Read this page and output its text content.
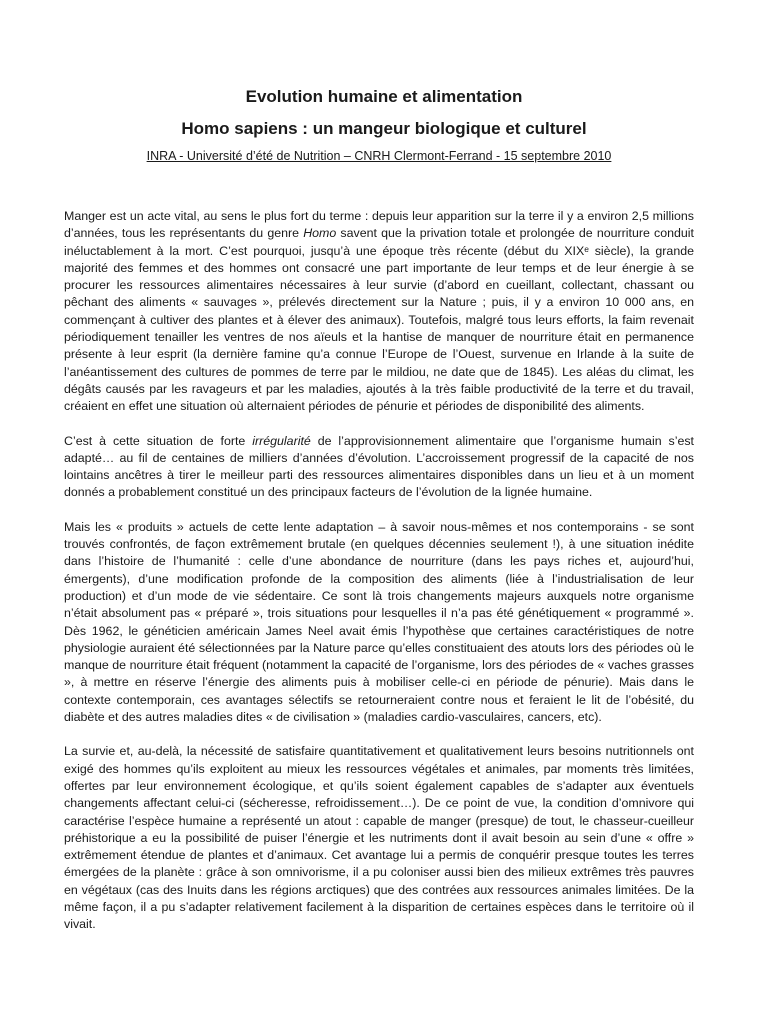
Evolution humaine et alimentation
Homo sapiens : un mangeur biologique et culturel

INRA - Université d’été de Nutrition – CNRH Clermont-Ferrand - 15 septembre 2010

Manger est un acte vital, au sens le plus fort du terme : depuis leur apparition sur la terre il y a environ 2,5 millions d’années, tous les représentants du genre Homo savent que la privation totale et prolongée de nourriture conduit inéluctablement à la mort. C’est pourquoi, jusqu’à une époque très récente (début du XIXᵉ siècle), la grande majorité des femmes et des hommes ont consacré une part importante de leur temps et de leur énergie à se procurer les ressources alimentaires nécessaires à leur survie (d’abord en cueillant, collectant, chassant ou pêchant des aliments « sauvages », prélevés directement sur la Nature ; puis, il y a environ 10 000 ans, en commençant à cultiver des plantes et à élever des animaux). Toutefois, malgré tous leurs efforts, la faim revenait périodiquement tenailler les ventres de nos aïeuls et la hantise de manquer de nourriture était en permanence présente à leur esprit (la dernière famine qu’a connue l’Europe de l’Ouest, survenue en Irlande à la suite de l’anéantissement des cultures de pommes de terre par le mildiou, ne date que de 1845). Les aléas du climat, les dégâts causés par les ravageurs et par les maladies, ajoutés à la très faible productivité de la terre et du travail, créaient en effet une situation où alternaient périodes de pénurie et périodes de disponibilité des aliments.

C’est à cette situation de forte irrégularité de l’approvisionnement alimentaire que l’organisme humain s’est adapté… au fil de centaines de milliers d’années d’évolution. L’accroissement progressif de la capacité de nos lointains ancêtres à tirer le meilleur parti des ressources alimentaires disponibles dans un lieu et à un moment donnés a probablement constitué un des principaux facteurs de l’évolution de la lignée humaine.

Mais les « produits » actuels de cette lente adaptation – à savoir nous-mêmes et nos contemporains - se sont trouvés confrontés, de façon extrêmement brutale (en quelques décennies seulement !), à une situation inédite dans l’histoire de l’humanité : celle d’une abondance de nourriture (dans les pays riches et, aujourd’hui, émergents), d’une modification profonde de la composition des aliments (liée à l’industrialisation de leur production) et d’un mode de vie sédentaire. Ce sont là trois changements majeurs auxquels notre organisme n’était absolument pas « préparé », trois situations pour lesquelles il n’a pas été génétiquement « programmé ». Dès 1962, le généticien américain James Neel avait émis l’hypothèse que certaines caractéristiques de notre physiologie auraient été sélectionnées par la Nature parce qu’elles constituaient des atouts lors des périodes où le manque de nourriture était fréquent (notamment la capacité de l’organisme, lors des périodes de « vaches grasses », à mettre en réserve l’énergie des aliments puis à mobiliser celle-ci en période de pénurie). Mais dans le contexte contemporain, ces avantages sélectifs se retourneraient contre nous et feraient le lit de l’obésité, du diabète et des autres maladies dites « de civilisation » (maladies cardio-vasculaires, cancers, etc).

La survie et, au-delà, la nécessité de satisfaire quantitativement et qualitativement leurs besoins nutritionnels ont exigé des hommes qu’ils exploitent au mieux les ressources végétales et animales, par moments très limitées, offertes par leur environnement écologique, et qu’ils soient également capables de s’adapter aux éventuels changements affectant celui-ci (sécheresse, refroidissement…). De ce point de vue, la condition d’omnivore qui caractérise l’espèce humaine a représenté un atout : capable de manger (presque) de tout, le chasseur-cueilleur préhistorique a eu la possibilité de puiser l’énergie et les nutriments dont il avait besoin au sein d’une « offre » extrêmement étendue de plantes et d’animaux. Cet avantage lui a permis de conquérir presque toutes les terres émergées de la planète : grâce à son omnivorisme, il a pu coloniser aussi bien des milieux extrêmes très pauvres en végétaux (cas des Inuits dans les régions arctiques) que des contrées aux ressources animales limitées. De la même façon, il a pu s’adapter relativement facilement à la disparition de certaines espèces dans le territoire où il vivait.
